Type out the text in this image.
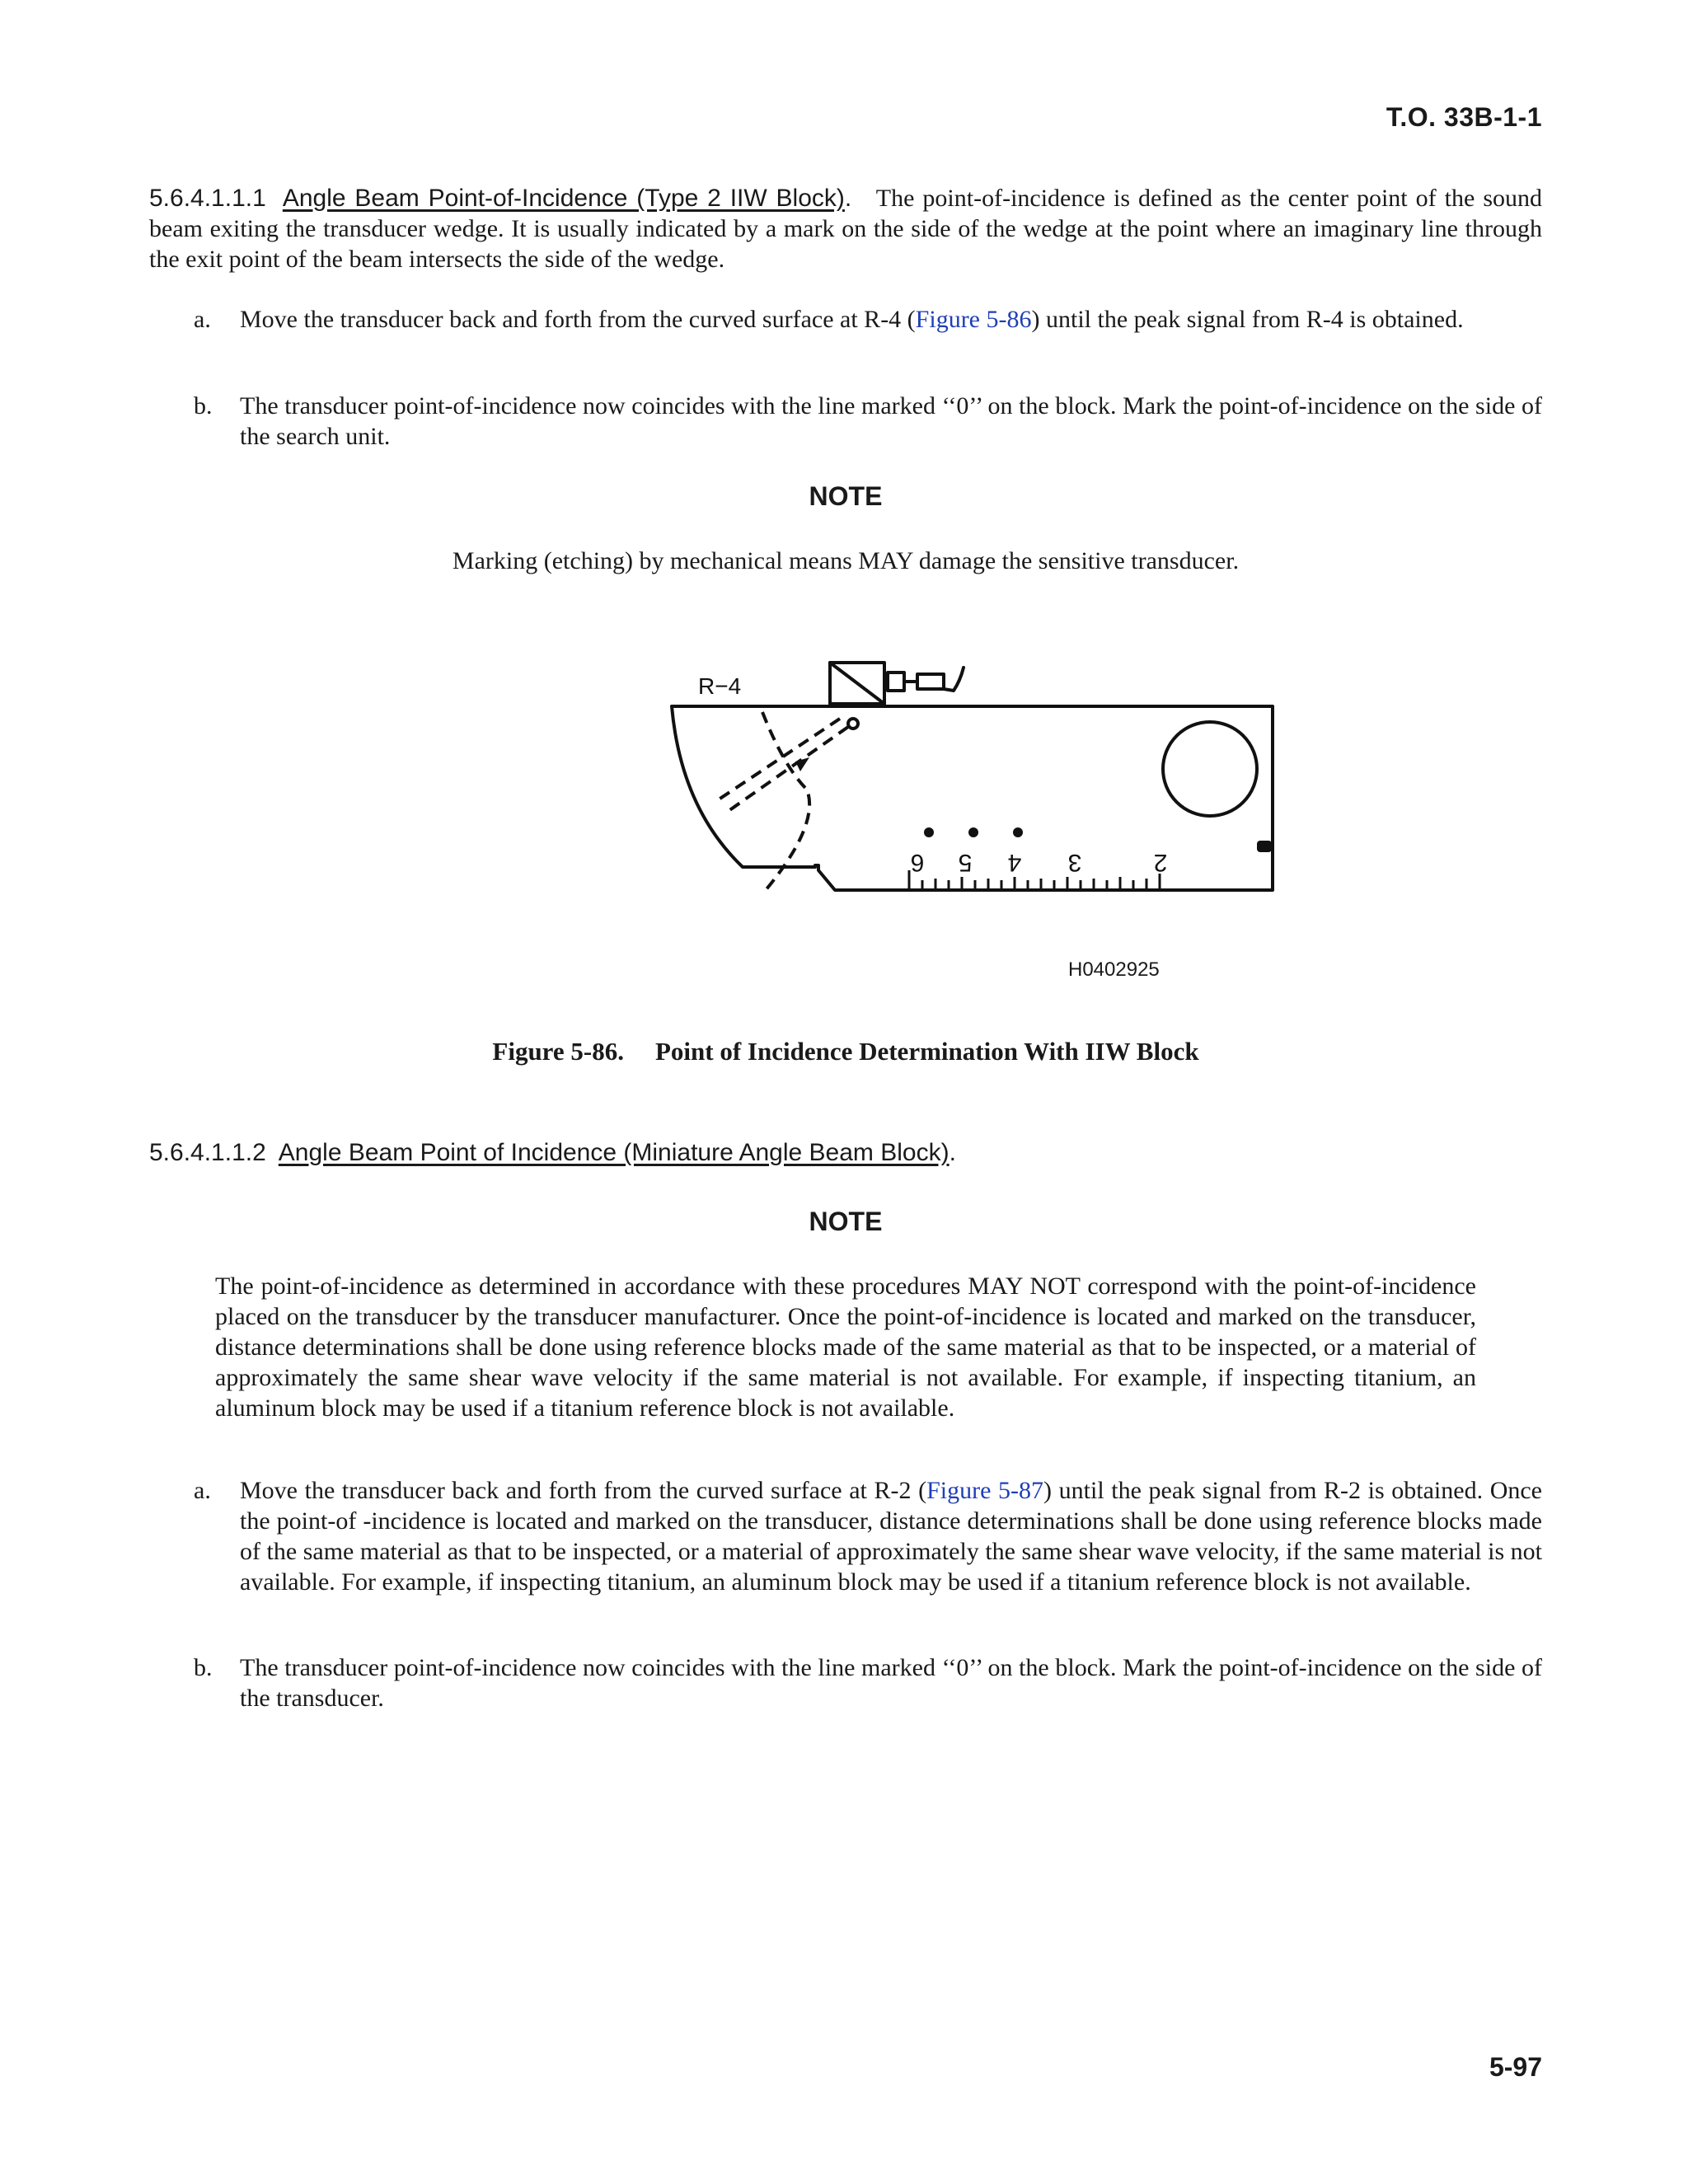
T.O. 33B-1-1
5.6.4.1.1.1 Angle Beam Point-of-Incidence (Type 2 IIW Block). The point-of-incidence is defined as the center point of the sound beam exiting the transducer wedge. It is usually indicated by a mark on the side of the wedge at the point where an imaginary line through the exit point of the beam intersects the side of the wedge.
a. Move the transducer back and forth from the curved surface at R-4 (Figure 5-86) until the peak signal from R-4 is obtained.
b. The transducer point-of-incidence now coincides with the line marked ‘‘0’’ on the block. Mark the point-of-incidence on the side of the search unit.
NOTE
Marking (etching) by mechanical means MAY damage the sensitive transducer.
R−4
6 5 4 3	2
H0402925
Figure 5-86. Point of Incidence Determination With IIW Block
5.6.4.1.1.2 Angle Beam Point of Incidence (Miniature Angle Beam Block).
NOTE
The point-of-incidence as determined in accordance with these procedures MAY NOT correspond with the point-of-incidence placed on the transducer by the transducer manufacturer. Once the point-of-incidence is located and marked on the transducer, distance determinations shall be done using reference blocks made of the same material as that to be inspected, or a material of approximately the same shear wave velocity if the same material is not available. For example, if inspecting titanium, an aluminum block may be used if a titanium reference block is not available.
a. Move the transducer back and forth from the curved surface at R-2 (Figure 5-87) until the peak signal from R-2 is obtained. Once the point-of -incidence is located and marked on the transducer, distance determinations shall be done using reference blocks made of the same material as that to be inspected, or a material of approximately the same shear wave velocity, if the same material is not available. For example, if inspecting titanium, an aluminum block may be used if a titanium reference block is not available.
b. The transducer point-of-incidence now coincides with the line marked ‘‘0’’ on the block. Mark the point-of-incidence on the side of the transducer.
5-97
